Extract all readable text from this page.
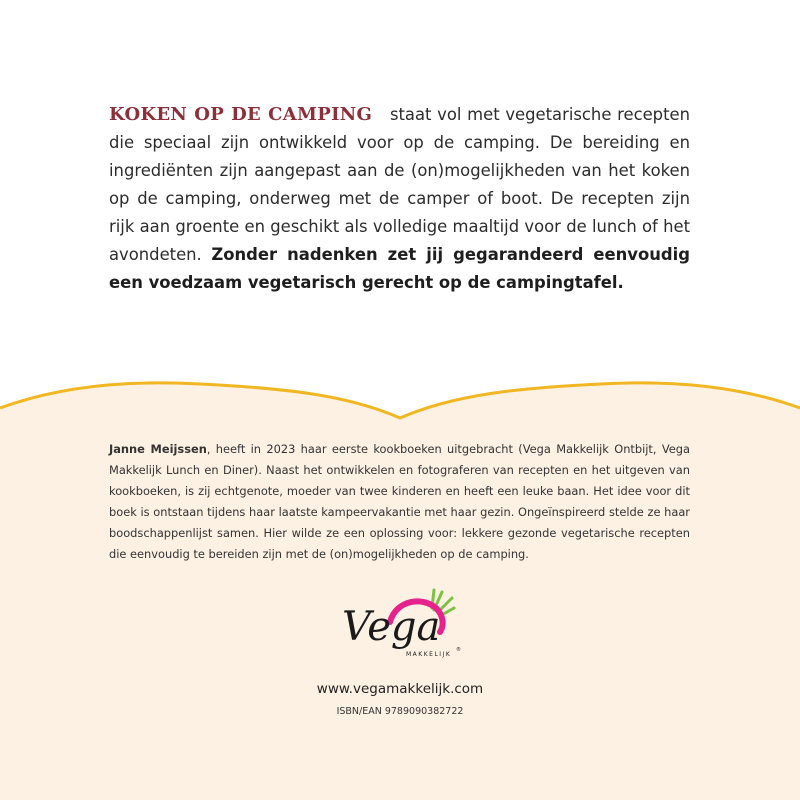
KOKEN OP DE CAMPING staat vol met vegetarische recepten die speciaal zijn ontwikkeld voor op de camping. De bereiding en ingrediënten zijn aangepast aan de (on)mogelijkheden van het koken op de camping, onderweg met de camper of boot. De recepten zijn rijk aan groente en geschikt als volledige maaltijd voor de lunch of het avondeten. Zonder nadenken zet jij gegarandeerd eenvoudig een voedzaam vegetarisch gerecht op de campingtafel.

Janne Meijssen, heeft in 2023 haar eerste kookboeken uitgebracht (Vega Makkelijk Ontbijt, Vega Makkelijk Lunch en Diner). Naast het ontwikkelen en fotograferen van recepten en het uitgeven van kookboeken, is zij echtgenote, moeder van twee kinderen en heeft een leuke baan. Het idee voor dit boek is ontstaan tijdens haar laatste kampeervakantie met haar gezin. Ongeïnspireerd stelde ze haar boodschappenlijst samen. Hier wilde ze een oplossing voor: lekkere gezonde vegetarische recepten die eenvoudig te bereiden zijn met de (on)mogelijkheden op de camping.

Vega
MAKKELIJK
®
www.vegamakkelijk.com
ISBN/EAN 9789090382722
